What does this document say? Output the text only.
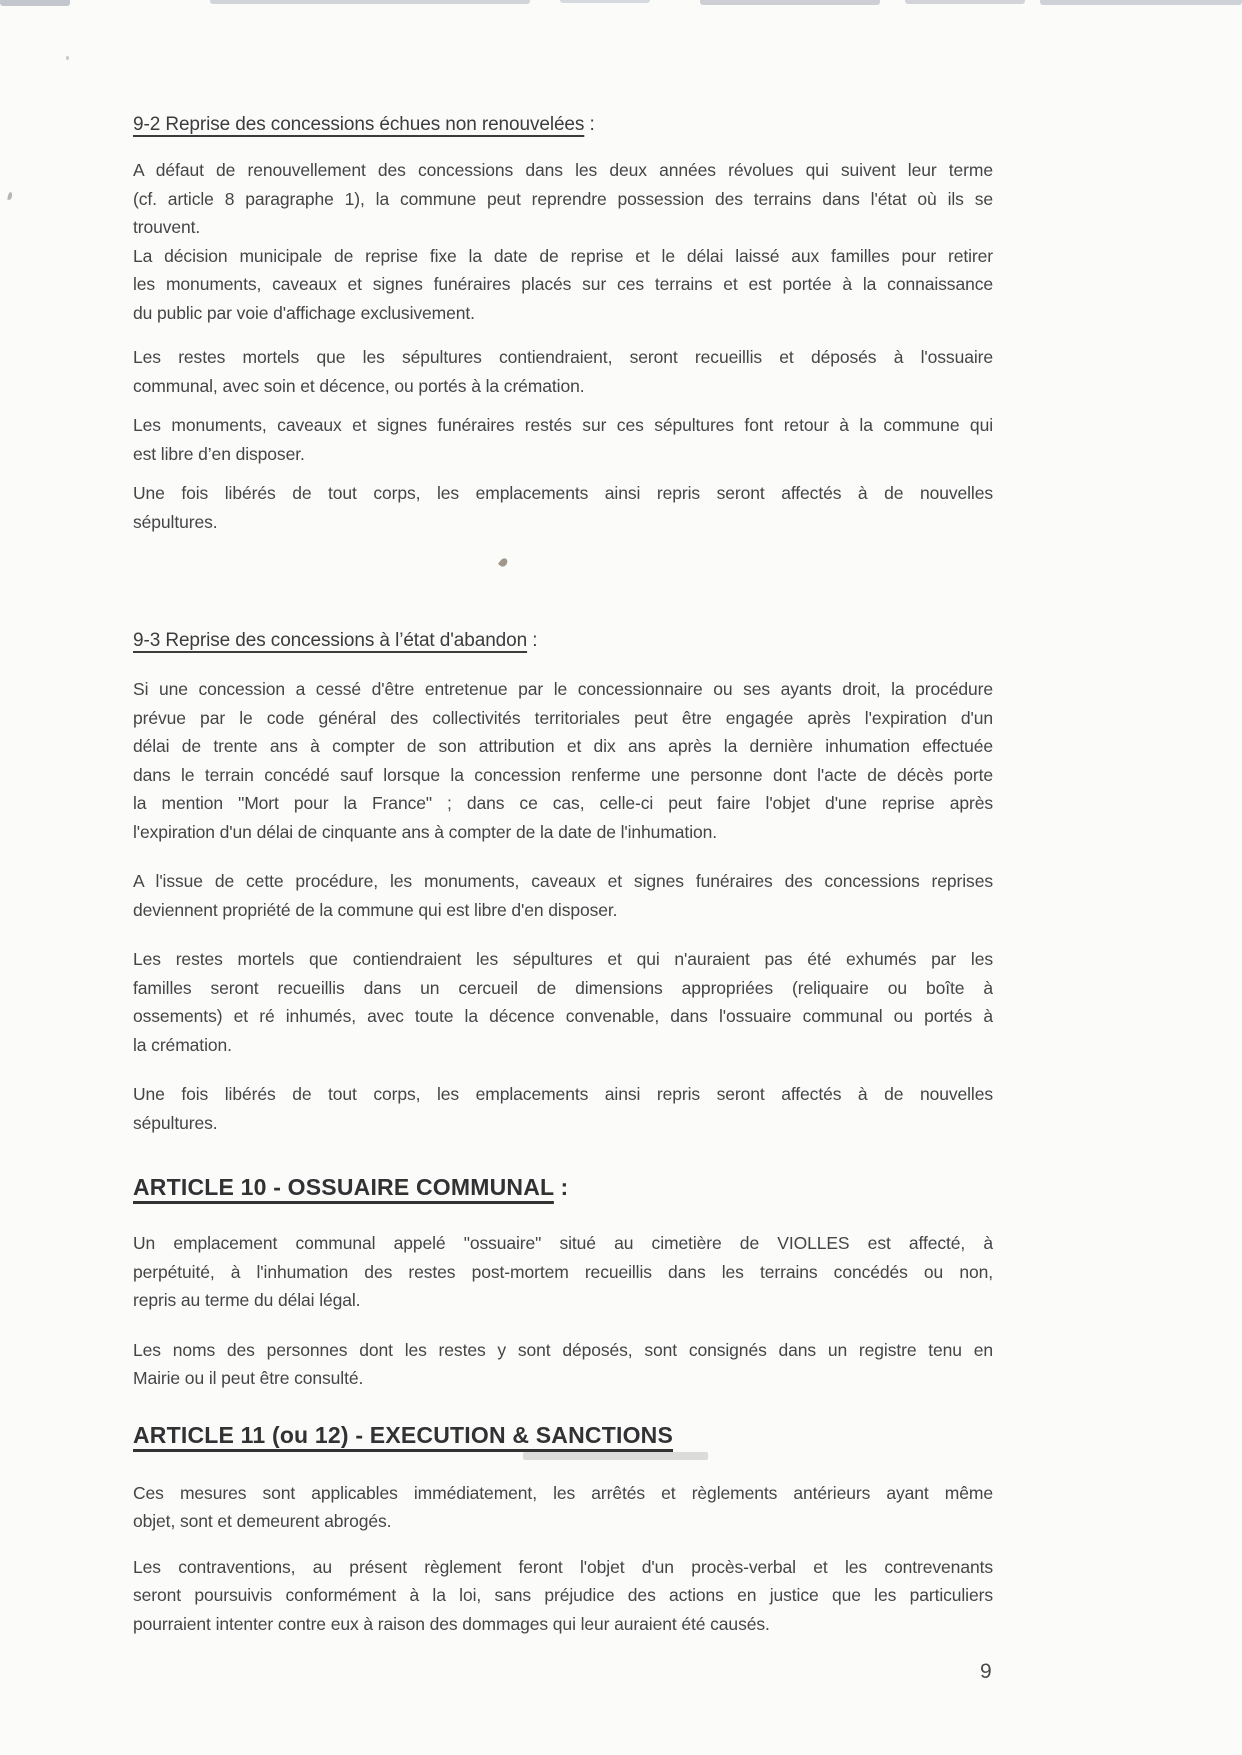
9-2 Reprise des concessions échues non renouvelées :
A défaut de renouvellement des concessions dans les deux années révolues qui suivent leur terme
(cf. article 8 paragraphe 1), la commune peut reprendre possession des terrains dans l'état où ils se
trouvent.
La décision municipale de reprise fixe la date de reprise et le délai laissé aux familles pour retirer
les monuments, caveaux et signes funéraires placés sur ces terrains et est portée à la connaissance
du public par voie d'affichage exclusivement.
Les restes mortels que les sépultures contiendraient, seront recueillis et déposés à l'ossuaire
communal, avec soin et décence, ou portés à la crémation.
Les monuments, caveaux et signes funéraires restés sur ces sépultures font retour à la commune qui
est libre d’en disposer.
Une fois libérés de tout corps, les emplacements ainsi repris seront affectés à de nouvelles
sépultures.
9-3 Reprise des concessions à l’état d'abandon :
Si une concession a cessé d'être entretenue par le concessionnaire ou ses ayants droit, la procédure
prévue par le code général des collectivités territoriales peut être engagée après l'expiration d'un
délai de trente ans à compter de son attribution et dix ans après la dernière inhumation effectuée
dans le terrain concédé sauf lorsque la concession renferme une personne dont l'acte de décès porte
la mention "Mort pour la France" ; dans ce cas, celle-ci peut faire l'objet d'une reprise après
l'expiration d'un délai de cinquante ans à compter de la date de l'inhumation.
A l'issue de cette procédure, les monuments, caveaux et signes funéraires des concessions reprises
deviennent propriété de la commune qui est libre d'en disposer.
Les restes mortels que contiendraient les sépultures et qui n'auraient pas été exhumés par les
familles seront recueillis dans un cercueil de dimensions appropriées (reliquaire ou boîte à
ossements) et ré inhumés, avec toute la décence convenable, dans l'ossuaire communal ou portés à
la crémation.
Une fois libérés de tout corps, les emplacements ainsi repris seront affectés à de nouvelles
sépultures.
ARTICLE 10 - OSSUAIRE COMMUNAL :
Un emplacement communal appelé "ossuaire" situé au cimetière de VIOLLES est affecté, à
perpétuité, à l'inhumation des restes post-mortem recueillis dans les terrains concédés ou non,
repris au terme du délai légal.
Les noms des personnes dont les restes y sont déposés, sont consignés dans un registre tenu en
Mairie ou il peut être consulté.
ARTICLE 11 (ou 12) - EXECUTION & SANCTIONS
Ces mesures sont applicables immédiatement, les arrêtés et règlements antérieurs ayant même
objet, sont et demeurent abrogés.
Les contraventions, au présent règlement feront l'objet d'un procès-verbal et les contrevenants
seront poursuivis conformément à la loi, sans préjudice des actions en justice que les particuliers
pourraient intenter contre eux à raison des dommages qui leur auraient été causés.
9
